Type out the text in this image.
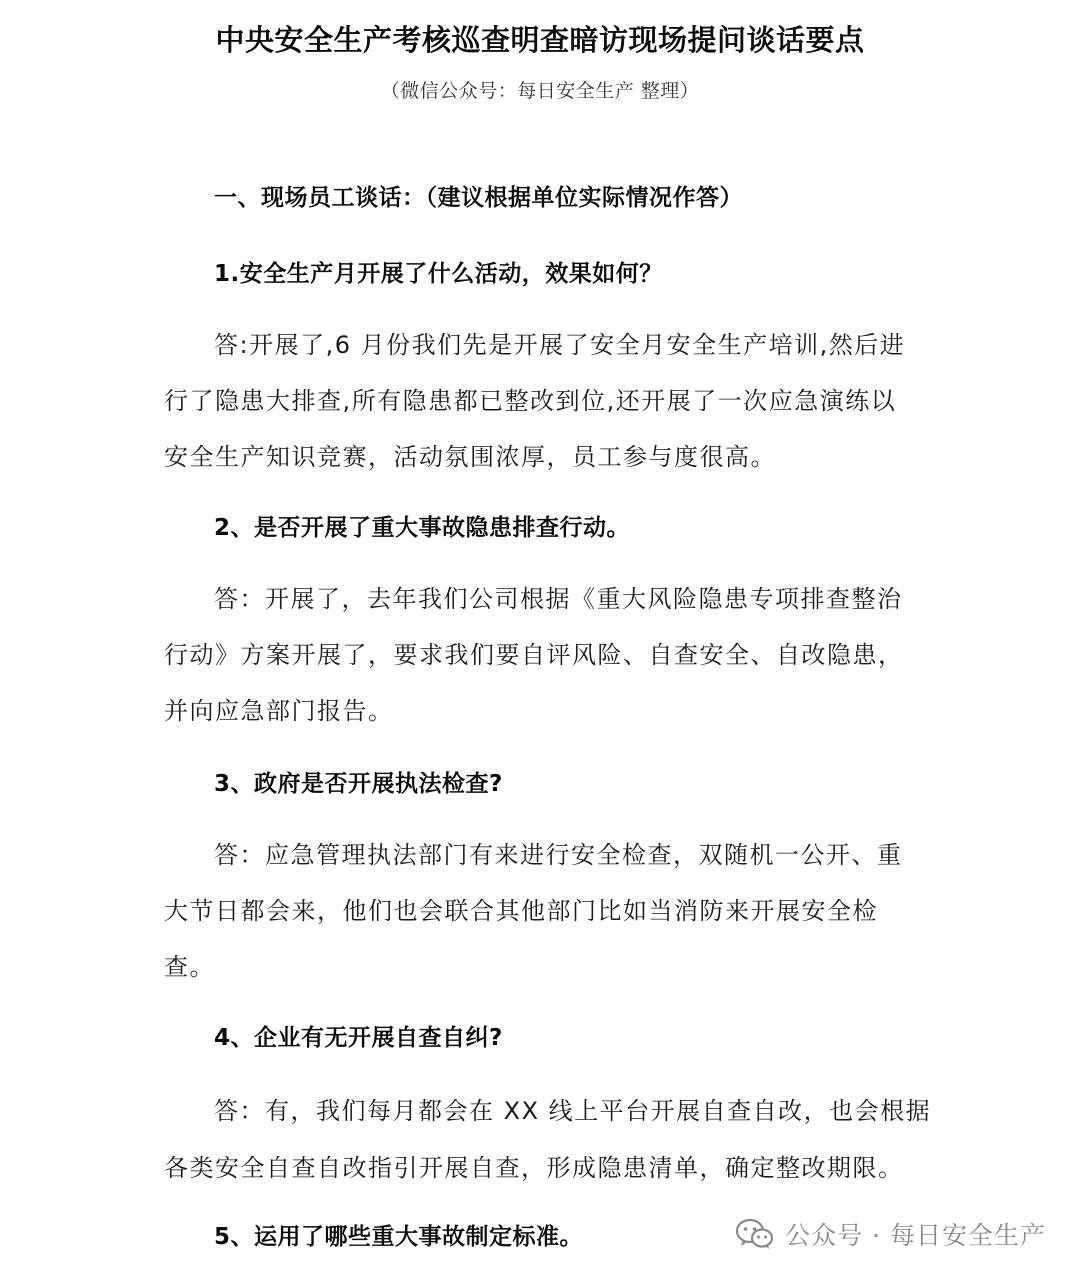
中央安全生产考核巡查明查暗访现场提问谈话要点
（微信公众号：每日安全生产 整理）
一、现场员工谈话：（建议根据单位实际情况作答）
1.安全生产月开展了什么活动，效果如何？
答:开展了,6 月份我们先是开展了安全月安全生产培训,然后进
行了隐患大排查,所有隐患都已整改到位,还开展了一次应急演练以
安全生产知识竞赛，活动氛围浓厚，员工参与度很高。
2、是否开展了重大事故隐患排查行动。
答：开展了，去年我们公司根据《重大风险隐患专项排查整治
行动》方案开展了，要求我们要自评风险、自查安全、自改隐患，
并向应急部门报告。
3、政府是否开展执法检查?
答：应急管理执法部门有来进行安全检查，双随机一公开、重
大节日都会来，他们也会联合其他部门比如当消防来开展安全检
查。
4、企业有无开展自查自纠?
答：有，我们每月都会在 XX 线上平台开展自查自改，也会根据
各类安全自查自改指引开展自查，形成隐患清单，确定整改期限。
5、运用了哪些重大事故制定标准。	公众号 · 每日安全生产
